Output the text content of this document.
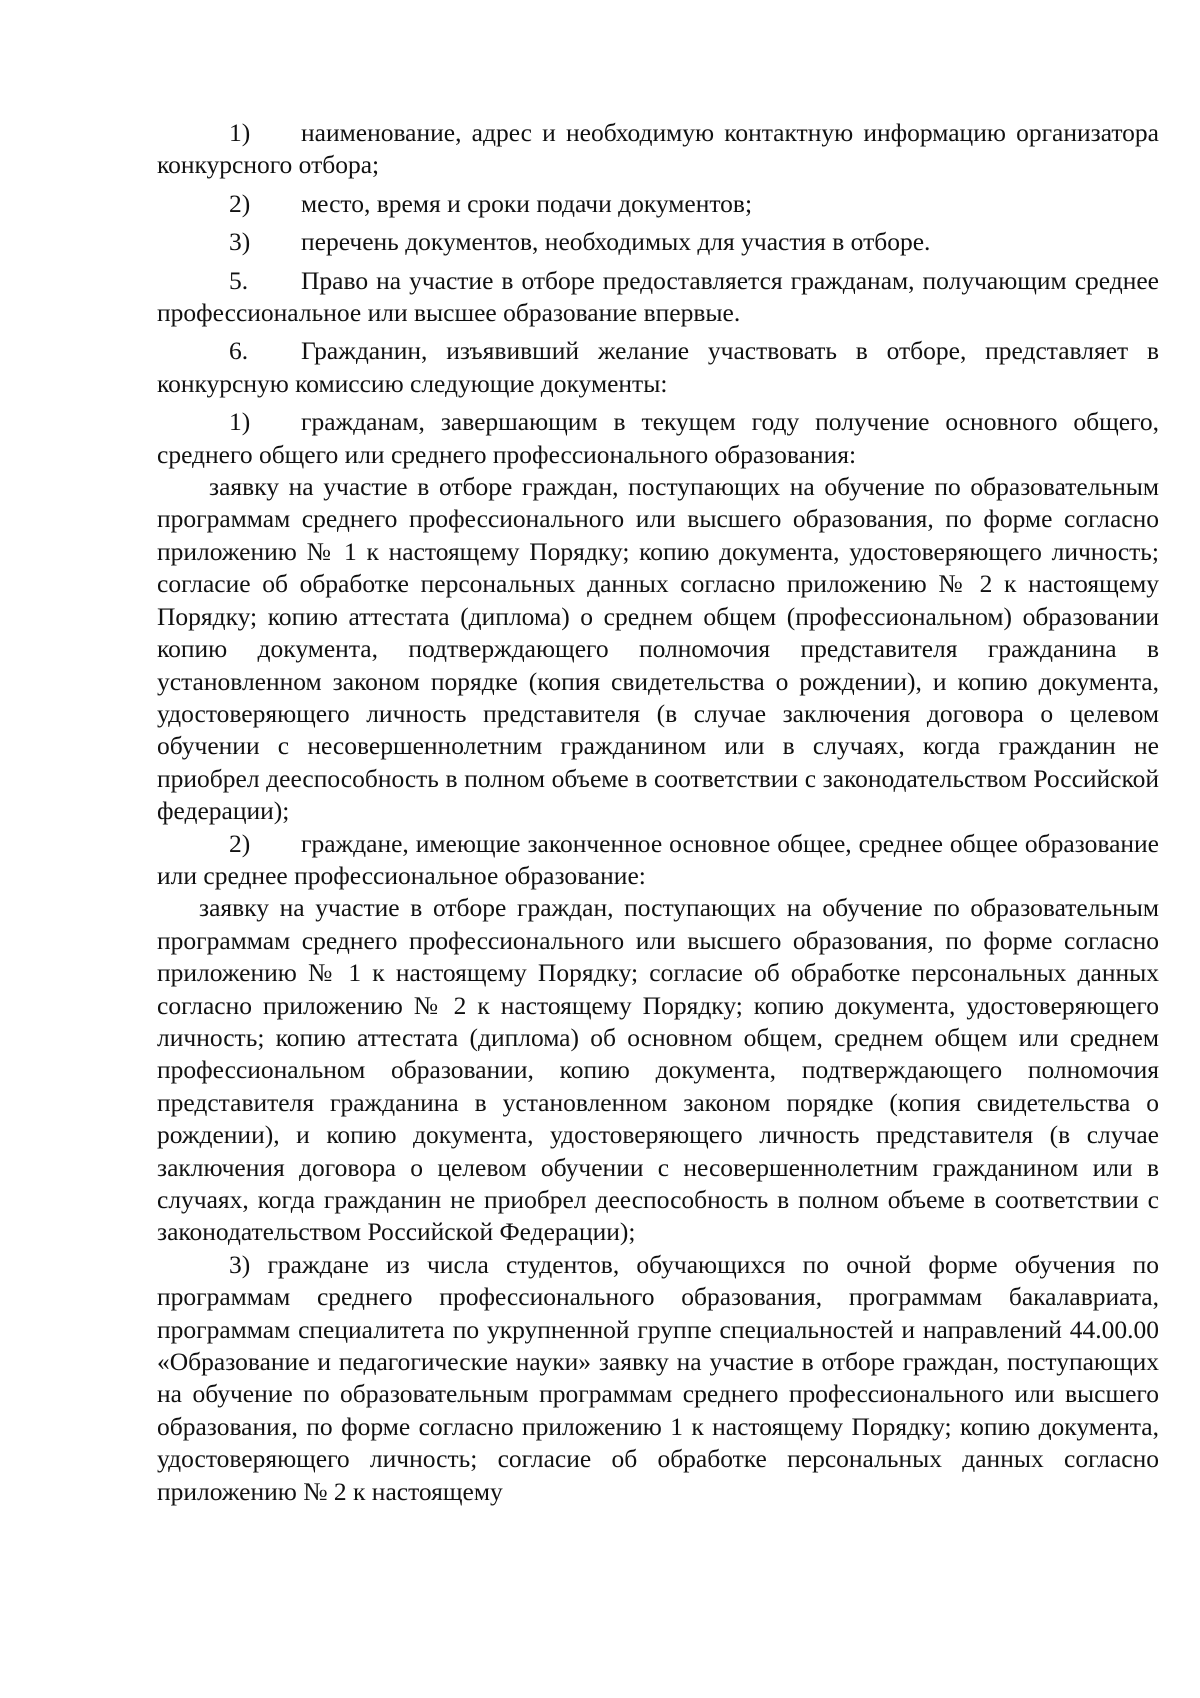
1) наименование, адрес и необходимую контактную информацию организатора конкурсного отбора;

2) место, время и сроки подачи документов;

3) перечень документов, необходимых для участия в отборе.

5. Право на участие в отборе предоставляется гражданам, получающим среднее профессиональное или высшее образование впервые.

6. Гражданин, изъявивший желание участвовать в отборе, представляет в конкурсную комиссию следующие документы:

1) гражданам, завершающим в текущем году получение основного общего, среднего общего или среднего профессионального образования:

заявку на участие в отборе граждан, поступающих на обучение по образовательным программам среднего профессионального или высшего образования, по форме согласно приложению № 1 к настоящему Порядку; копию документа, удостоверяющего личность; согласие об обработке персональных данных согласно приложению № 2 к настоящему Порядку; копию аттестата (диплома) о среднем общем (профессиональном) образовании копию документа, подтверждающего полномочия представителя гражданина в установленном законом порядке (копия свидетельства о рождении), и копию документа, удостоверяющего личность представителя (в случае заключения договора о целевом обучении с несовершеннолетним гражданином или в случаях, когда гражданин не приобрел дееспособность в полном объеме в соответствии с законодательством Российской федерации);

2) граждане, имеющие законченное основное общее, среднее общее образование или среднее профессиональное образование:

заявку на участие в отборе граждан, поступающих на обучение по образовательным программам среднего профессионального или высшего образования, по форме согласно приложению № 1 к настоящему Порядку; согласие об обработке персональных данных согласно приложению № 2 к настоящему Порядку; копию документа, удостоверяющего личность; копию аттестата (диплома) об основном общем, среднем общем или среднем профессиональном образовании, копию документа, подтверждающего полномочия представителя гражданина в установленном законом порядке (копия свидетельства о рождении), и копию документа, удостоверяющего личность представителя (в случае заключения договора о целевом обучении с несовершеннолетним гражданином или в случаях, когда гражданин не приобрел дееспособность в полном объеме в соответствии с законодательством Российской Федерации);

3) граждане из числа студентов, обучающихся по очной форме обучения по программам среднего профессионального образования, программам бакалавриата, программам специалитета по укрупненной группе специальностей и направлений 44.00.00 «Образование и педагогические науки» заявку на участие в отборе граждан, поступающих на обучение по образовательным программам среднего профессионального или высшего образования, по форме согласно приложению 1 к настоящему Порядку; копию документа, удостоверяющего личность; согласие об обработке персональных данных согласно приложению № 2 к настоящему
